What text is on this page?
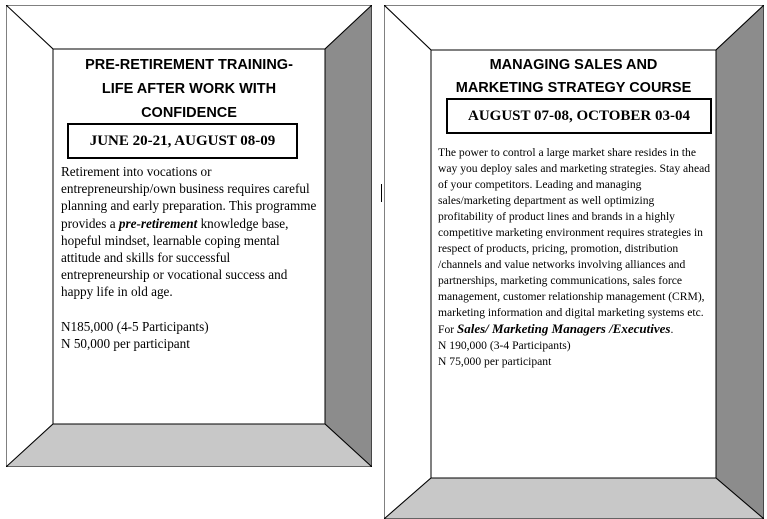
PRE-RETIREMENT TRAINING-
LIFE AFTER WORK WITH
CONFIDENCE
JUNE 20-21, AUGUST 08-09

Retirement into vocations or entrepreneurship/own business requires careful planning and early preparation. This programme provides a pre-retirement knowledge base, hopeful mindset, learnable coping mental attitude and skills for successful entrepreneurship or vocational success and happy life in old age.

N185,000 (4-5 Participants)

N 50,000 per participant

MANAGING SALES AND
MARKETING STRATEGY COURSE
AUGUST 07-08, OCTOBER 03-04

The power to control a large market share resides in the way you deploy sales and marketing strategies. Stay ahead of your competitors. Leading and managing sales/marketing department as well optimizing profitability of product lines and brands in a highly competitive marketing environment requires strategies in respect of products, pricing, promotion, distribution /channels and value networks involving alliances and partnerships, marketing communications, sales force management, customer relationship management (CRM), marketing information and digital marketing systems etc.

For Sales/ Marketing Managers /Executives.

N 190,000 (3-4 Participants)

N 75,000 per participant
